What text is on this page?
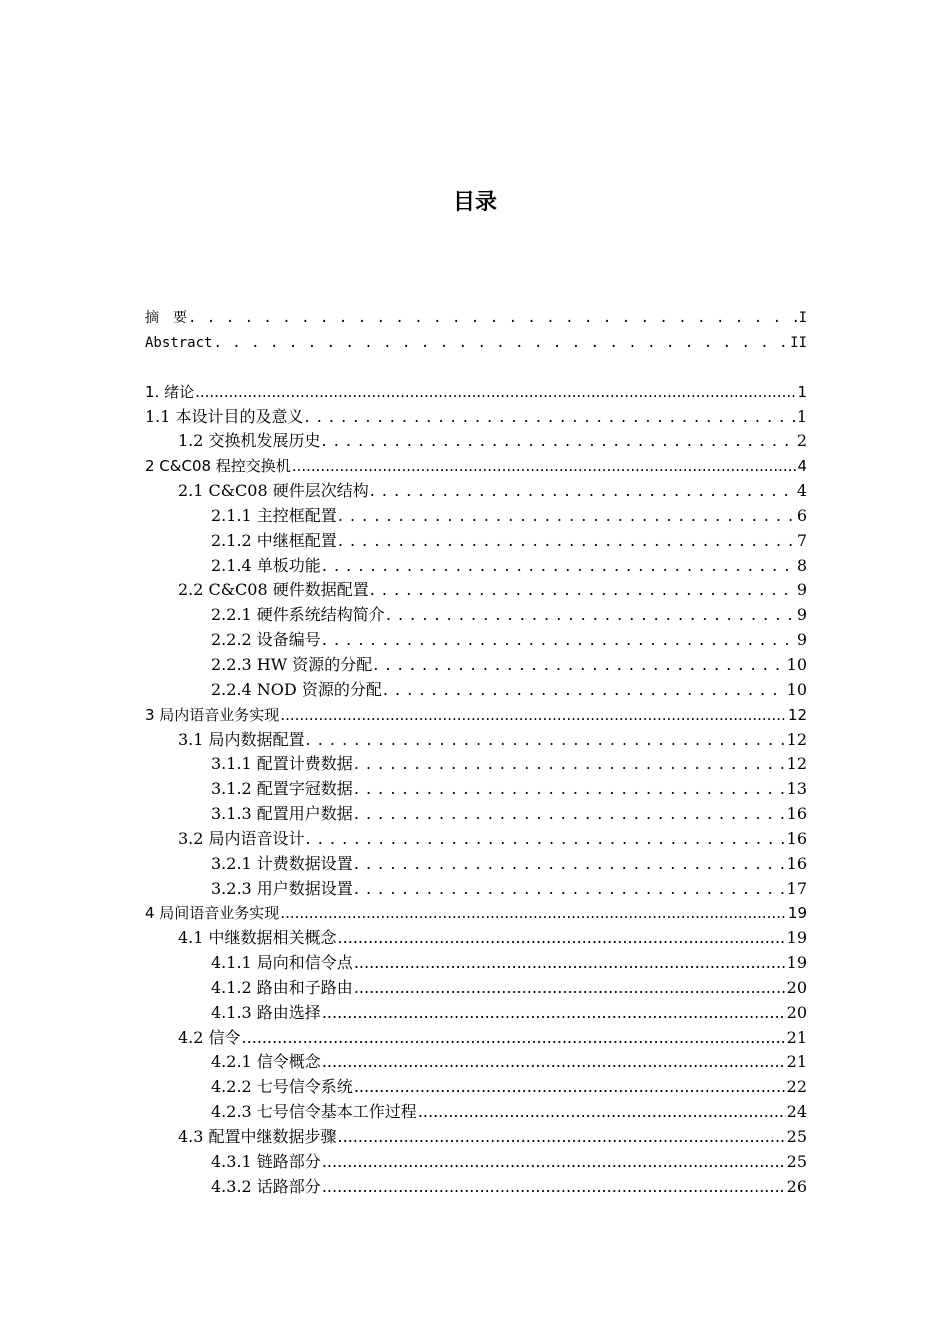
目录
摘　要 . . .	I
Abstract . . .	II
1. 绪论 .....	1
1.1 本设计目的及意义 . . .	1
1.2 交换机发展历史 . . .	2
2 C&C08 程控交换机 .....	4
2.1 C&C08 硬件层次结构 . . .	4
2.1.1 主控框配置 . . .	6
2.1.2 中继框配置 . . .	7
2.1.4 单板功能 . . .	8
2.2 C&C08 硬件数据配置 . . .	9
2.2.1 硬件系统结构简介 . . .	9
2.2.2 设备编号 . . .	9
2.2.3 HW 资源的分配 . . .	10
2.2.4 NOD 资源的分配 . . .	10
3 局内语音业务实现 .....	12
3.1 局内数据配置 . . .	12
3.1.1 配置计费数据 . . .	12
3.1.2 配置字冠数据 . . .	13
3.1.3 配置用户数据 . . .	16
3.2 局内语音设计 . . .	16
3.2.1 计费数据设置 . . .	16
3.2.3 用户数据设置 . . .	17
4 局间语音业务实现 .....	19
4.1 中继数据相关概念 .....	19
4.1.1 局向和信令点 .....	19
4.1.2 路由和子路由 .....	20
4.1.3 路由选择 .....	20
4.2 信令 .....	21
4.2.1 信令概念 .....	21
4.2.2 七号信令系统 .....	22
4.2.3 七号信令基本工作过程 .....	24
4.3 配置中继数据步骤 .....	25
4.3.1 链路部分 .....	25
4.3.2 话路部分 .....	26
